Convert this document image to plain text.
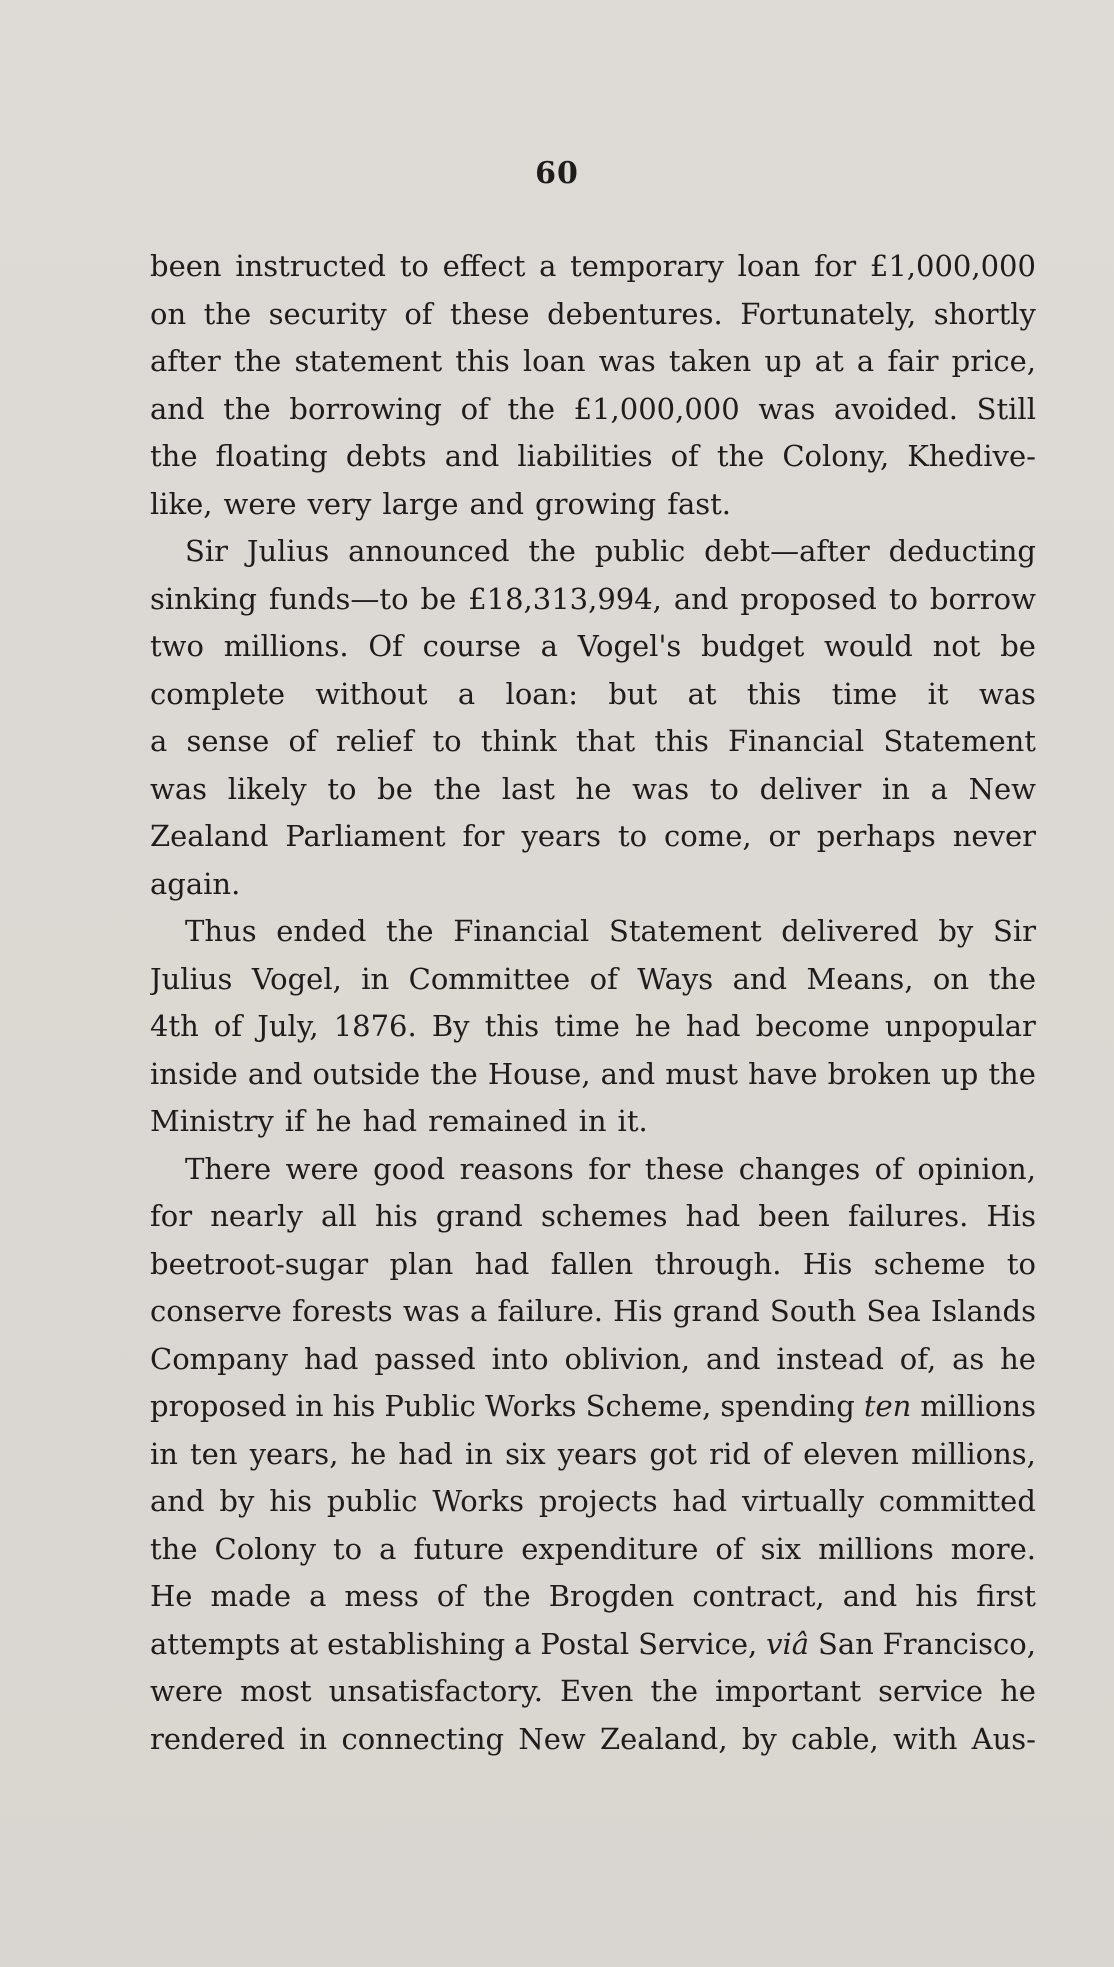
60
been instructed to effect a temporary loan for £1,000,000
on the security of these debentures. Fortunately, shortly
after the statement this loan was taken up at a fair price,
and the borrowing of the £1,000,000 was avoided. Still
the floating debts and liabilities of the Colony, Khedive-
like, were very large and growing fast.
Sir Julius announced the public debt—after deducting
sinking funds—to be £18,313,994, and proposed to borrow
two millions. Of course a Vogel's budget would not be
complete without a loan: but at this time it was
a sense of relief to think that this Financial Statement
was likely to be the last he was to deliver in a New
Zealand Parliament for years to come, or perhaps never
again.
Thus ended the Financial Statement delivered by Sir
Julius Vogel, in Committee of Ways and Means, on the
4th of July, 1876. By this time he had become unpopular
inside and outside the House, and must have broken up the
Ministry if he had remained in it.
There were good reasons for these changes of opinion,
for nearly all his grand schemes had been failures. His
beetroot-sugar plan had fallen through. His scheme to
conserve forests was a failure. His grand South Sea Islands
Company had passed into oblivion, and instead of, as he
proposed in his Public Works Scheme, spending ten millions
in ten years, he had in six years got rid of eleven millions,
and by his public Works projects had virtually committed
the Colony to a future expenditure of six millions more.
He made a mess of the Brogden contract, and his first
attempts at establishing a Postal Service, viâ San Francisco,
were most unsatisfactory. Even the important service he
rendered in connecting New Zealand, by cable, with Aus-
